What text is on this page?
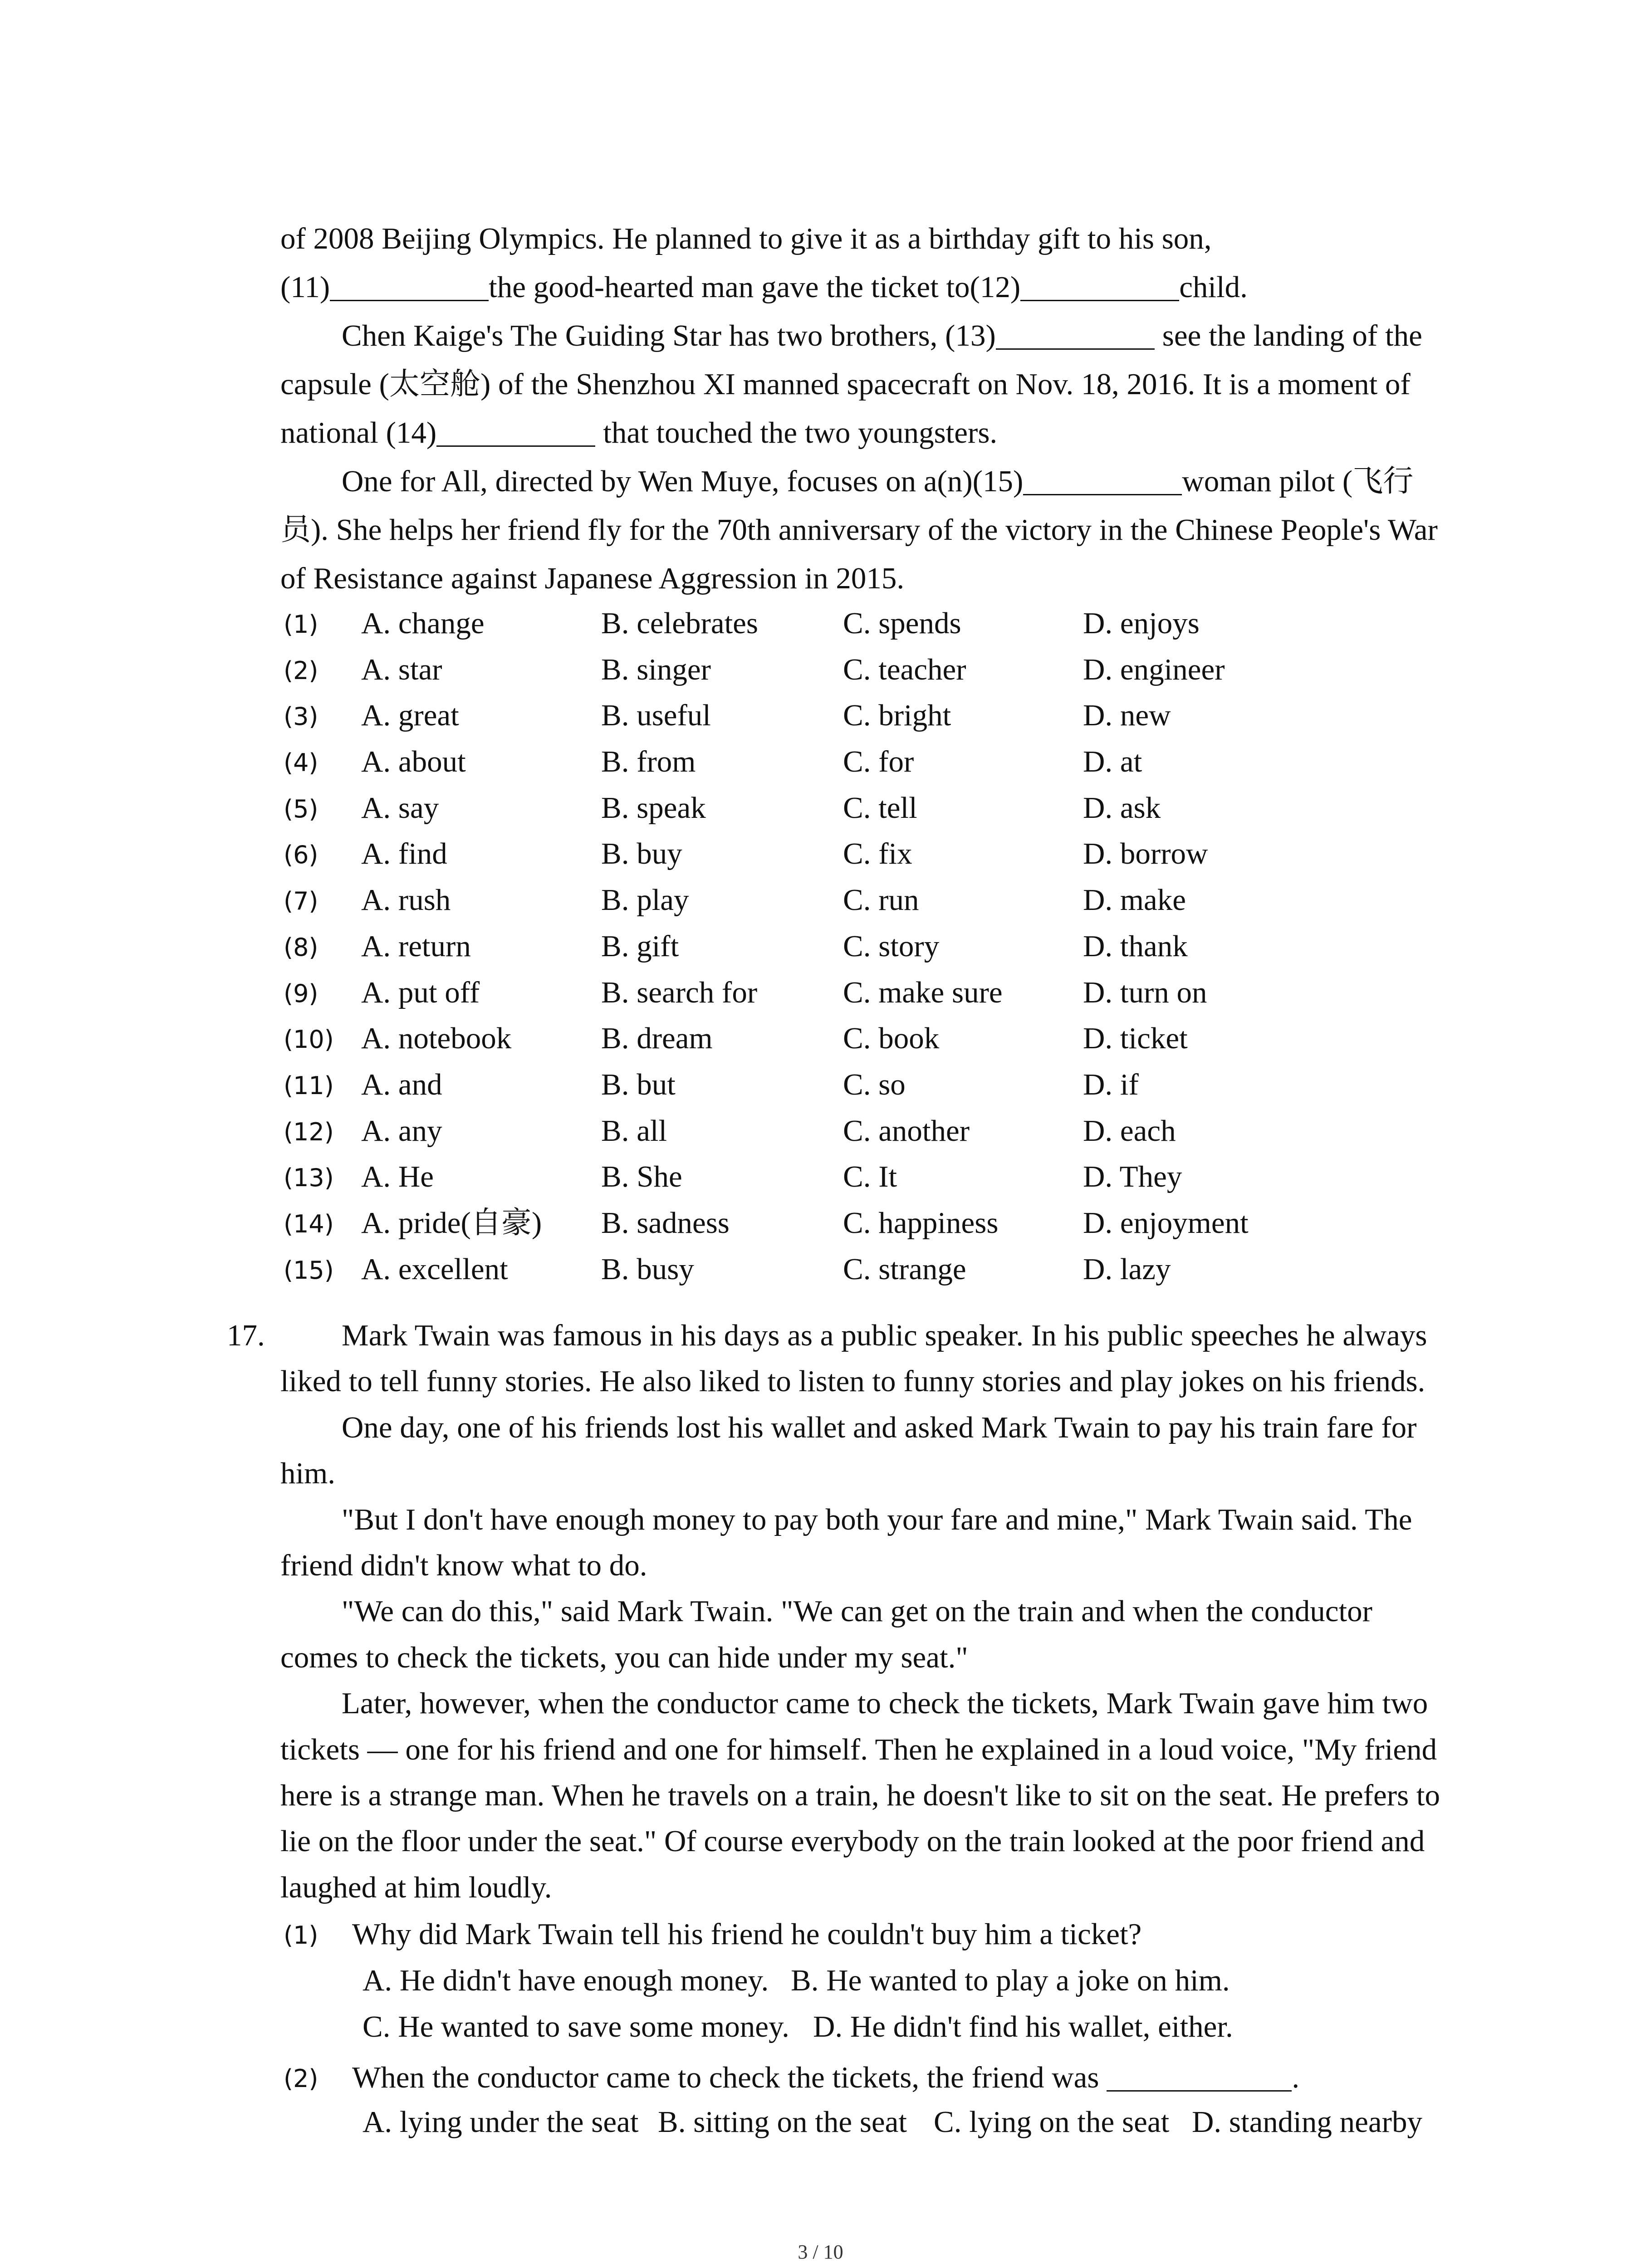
of 2008 Beijing Olympics. He planned to give it as a birthday gift to his son,
(11)	the good-hearted man gave the ticket to(12)	child.
Chen Kaige's The Guiding Star has two brothers, (13)	see the landing of the
capsule (太空舱) of the Shenzhou XI manned spacecraft on Nov. 18, 2016. It is a moment of
national (14)	that touched the two youngsters.
One for All, directed by Wen Muye, focuses on a(n)(15)	woman pilot (飞行
员). She helps her friend fly for the 70th anniversary of the victory in the Chinese People's War
of Resistance against Japanese Aggression in 2015.
(1) A. change	B. celebrates	C. spends	D. enjoys
(2) A. star	B. singer	C. teacher	D. engineer
(3) A. great	B. useful	C. bright	D. new
(4) A. about	B. from	C. for	D. at
(5) A. say	B. speak	C. tell	D. ask
(6) A. find	B. buy	C. fix	D. borrow
(7) A. rush	B. play	C. run	D. make
(8) A. return	B. gift	C. story	D. thank
(9) A. put off	B. search for	C. make sure	D. turn on
(10) A. notebook	B. dream	C. book	D. ticket
(11) A. and	B. but	C. so	D. if
(12) A. any	B. all	C. another	D. each
(13) A. He	B. She	C. It	D. They
(14) A. pride(自豪) B. sadness	C. happiness	D. enjoyment
(15) A. excellent	B. busy	C. strange	D. lazy
17.	Mark Twain was famous in his days as a public speaker. In his public speeches he always
liked to tell funny stories. He also liked to listen to funny stories and play jokes on his friends.
One day, one of his friends lost his wallet and asked Mark Twain to pay his train fare for
him.
"But I don't have enough money to pay both your fare and mine," Mark Twain said. The
friend didn't know what to do.
"We can do this," said Mark Twain. "We can get on the train and when the conductor
comes to check the tickets, you can hide under my seat."
Later, however, when the conductor came to check the tickets, Mark Twain gave him two
tickets — one for his friend and one for himself. Then he explained in a loud voice, "My friend
here is a strange man. When he travels on a train, he doesn't like to sit on the seat. He prefers to
lie on the floor under the seat." Of course everybody on the train looked at the poor friend and
laughed at him loudly.
(1) Why did Mark Twain tell his friend he couldn't buy him a ticket?
A. He didn't have enough money. B. He wanted to play a joke on him.
C. He wanted to save some money. D. He didn't find his wallet, either.
(2) When the conductor came to check the tickets, the friend was	.
A. lying under the seat B. sitting on the seat C. lying on the seat D. standing nearby
3 / 10
